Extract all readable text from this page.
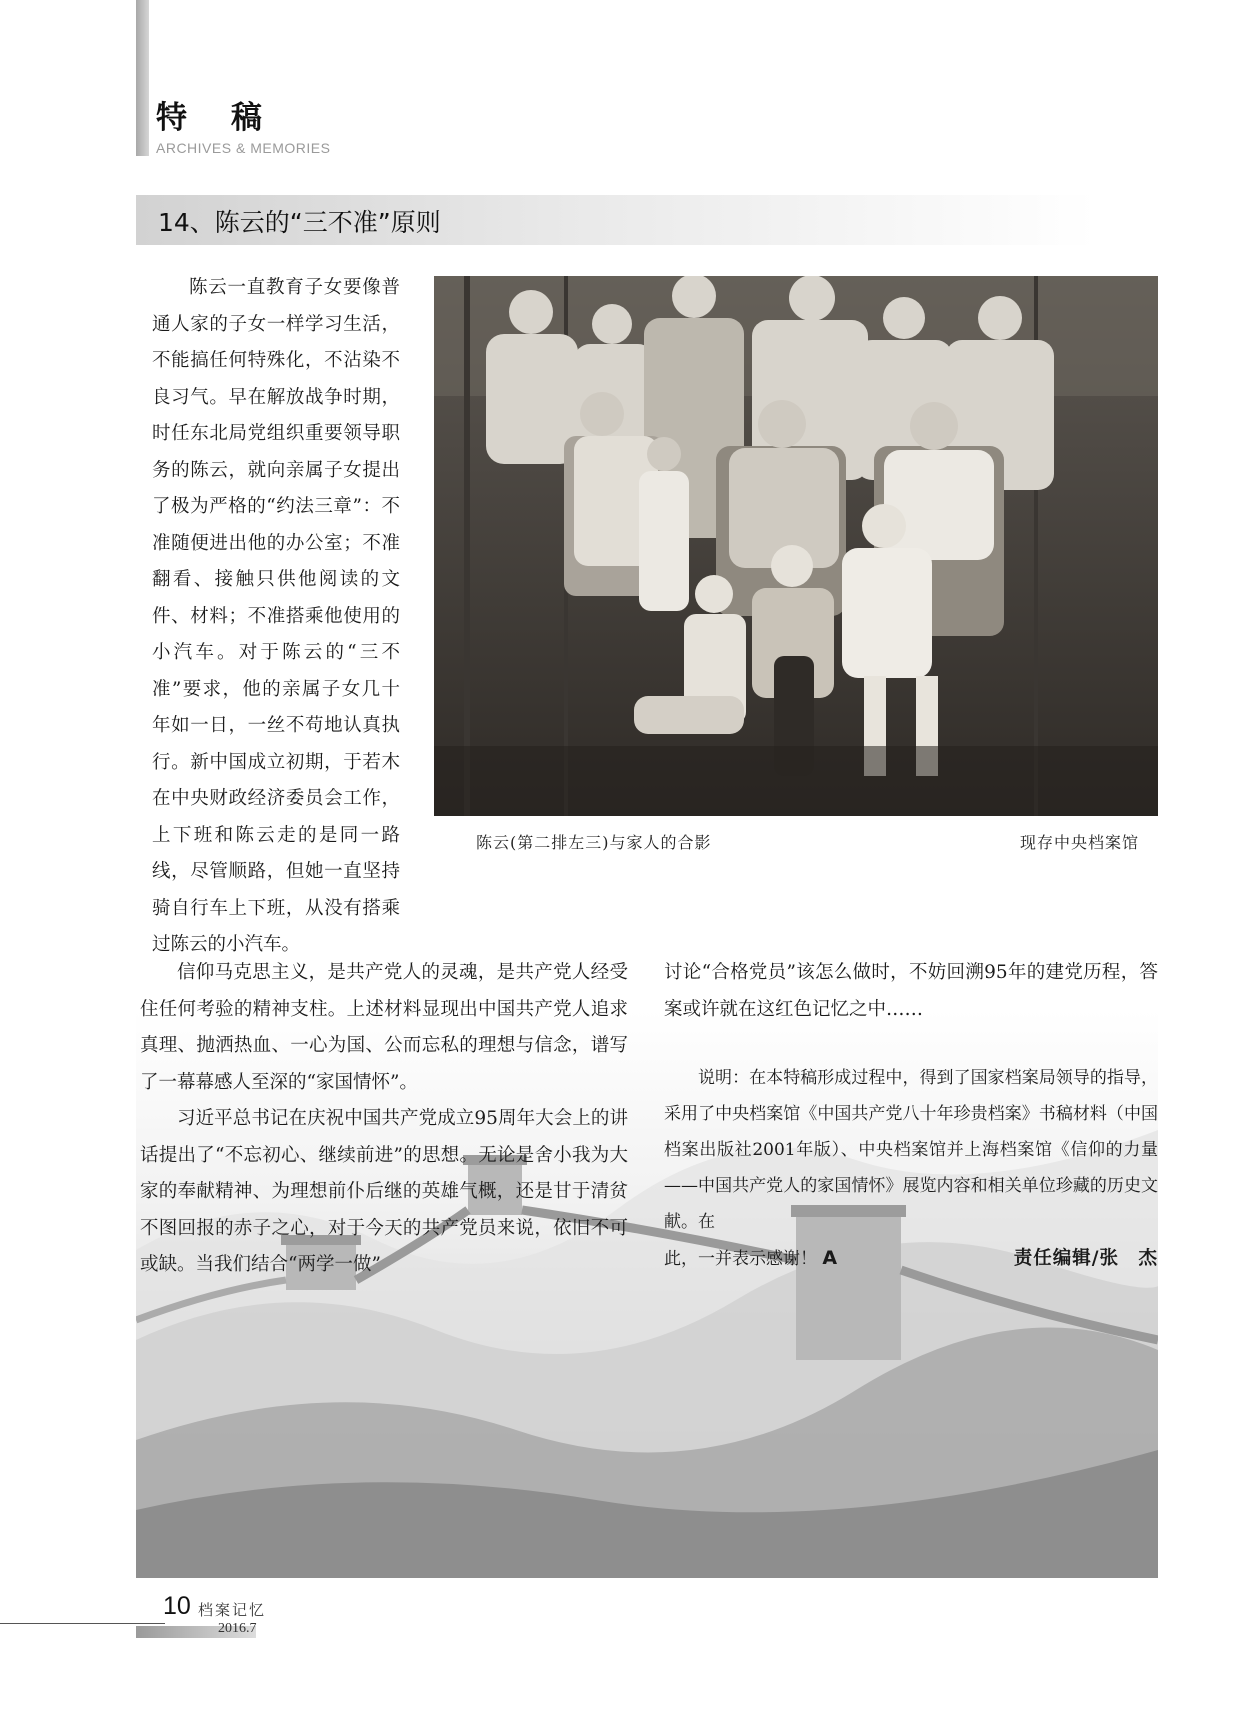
特稿
ARCHIVES & MEMORIES
14、陈云的“三不准”原则

陈云一直教育子女要像普通人家的子女一样学习生活，不能搞任何特殊化，不沾染不良习气。早在解放战争时期，时任东北局党组织重要领导职务的陈云，就向亲属子女提出了极为严格的“约法三章”：不准随便进出他的办公室；不准翻看、接触只供他阅读的文件、材料；不准搭乘他使用的小汽车。对于陈云的“三不准”要求，他的亲属子女几十年如一日，一丝不苟地认真执行。新中国成立初期，于若木在中央财政经济委员会工作，上下班和陈云走的是同一路线，尽管顺路，但她一直坚持骑自行车上下班，从没有搭乘过陈云的小汽车。

陈云(第二排左三)与家人的合影	现存中央档案馆

信仰马克思主义，是共产党人的灵魂，是共产党人经受住任何考验的精神支柱。上述材料显现出中国共产党人追求真理、抛洒热血、一心为国、公而忘私的理想与信念，谱写了一幕幕感人至深的“家国情怀”。

习近平总书记在庆祝中国共产党成立95周年大会上的讲话提出了“不忘初心、继续前进”的思想。无论是舍小我为大家的奉献精神、为理想前仆后继的英雄气概，还是甘于清贫不图回报的赤子之心，对于今天的共产党员来说，依旧不可或缺。当我们结合“两学一做”

讨论“合格党员”该怎么做时，不妨回溯95年的建党历程，答案或许就在这红色记忆之中……

说明：在本特稿形成过程中，得到了国家档案局领导的指导，采用了中央档案馆《中国共产党八十年珍贵档案》书稿材料（中国档案出版社2001年版）、中央档案馆并上海档案馆《信仰的力量——中国共产党人的家国情怀》展览内容和相关单位珍藏的历史文献。在

此，一并表示感谢！ A	责任编辑/张　杰
10 档案记忆
2016.7
